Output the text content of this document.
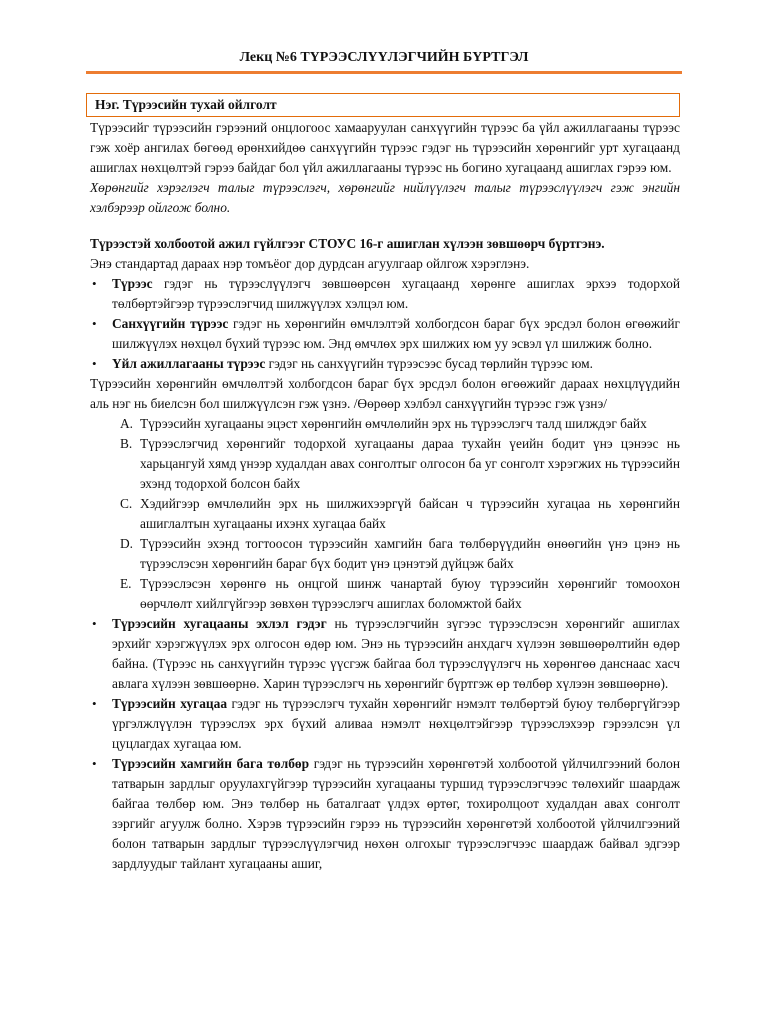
Лекц №6 ТҮРЭЭСЛҮҮЛЭГЧИЙН БҮРТГЭЛ
Нэг. Түрээсийн тухай ойлголт

Түрээсийг түрээсийн гэрээний онцлогоос хамааруулан санхүүгийн түрээс ба үйл ажиллагааны түрээс гэж хоёр ангилах бөгөөд өрөнхийдөө санхүүгийн түрээс гэдэг нь түрээсийн хөрөнгийг урт хугацаанд ашиглах нөхцөлтэй гэрээ байдаг бол үйл ажиллагааны түрээс нь богино хугацаанд ашиглах гэрээ юм.

Хөрөнгийг хэрэглэгч талыг түрээслэгч, хөрөнгийг нийлүүлэгч талыг түрээслүүлэгч гэж энгийн хэлбэрээр ойлгож болно.

Түрээстэй холбоотой ажил гүйлгээг СТОУС 16-г ашиглан хүлээн зөвшөөрч бүртгэнэ.

Энэ стандартад дараах нэр томъёог дор дурдсан агуулгаар ойлгож хэрэглэнэ.

• Түрээс гэдэг нь түрээслүүлэгч зөвшөөрсөн хугацаанд хөрөнге ашиглах эрхээ тодорхой төлбөртэйгээр түрээслэгчид шилжүүлэх хэлцэл юм.
• Санхүүгийн түрээс гэдэг нь хөрөнгийн өмчлэлтэй холбогдсон бараг бүх эрсдэл болон өгөөжийг шилжүүлэх нөхцөл бүхий түрээс юм. Энд өмчлөх эрх шилжих юм уу эсвэл үл шилжиж болно.
• Үйл ажиллагааны түрээс гэдэг нь санхүүгийн түрээсээс бусад төрлийн түрээс юм.

Түрээсийн хөрөнгийн өмчлөлтэй холбогдсон бараг бүх эрсдэл болон өгөөжийг дараах нөхцлүүдийн аль нэг нь биелсэн бол шилжүүлсэн гэж үзнэ. /Өөрөөр хэлбэл санхүүгийн түрээс гэж үзнэ/

A. Түрээсийн хугацааны эцэст хөрөнгийн өмчлөлийн эрх нь түрээслэгч талд шилждэг байх
B. Түрээслэгчид хөрөнгийг тодорхой хугацааны дараа тухайн үеийн бодит үнэ цэнээс нь харьцангуй хямд үнээр худалдан авах сонголтыг олгосон ба уг сонголт хэрэгжих нь түрээсийн эхэнд тодорхой болсон байх
C. Хэдийгээр өмчлөлийн эрх нь шилжихээргүй байсан ч түрээсийн хугацаа нь хөрөнгийн ашиглалтын хугацааны ихэнх хугацаа байх
D. Түрээсийн эхэнд тогтоосон түрээсийн хамгийн бага төлбөрүүдийн өнөөгийн үнэ цэнэ нь түрээслэсэн хөрөнгийн бараг бүх бодит үнэ цэнэтэй дүйцэж байх
E. Түрээслэсэн хөрөнгө нь онцгой шинж чанартай буюу түрээсийн хөрөнгийг томоохон өөрчлөлт хийлгүйгээр зөвхөн түрээслэгч ашиглах боломжтой байх
• Түрээсийн хугацааны эхлэл гэдэг нь түрээслэгчийн зүгээс түрээслэсэн хөрөнгийг ашиглах эрхийг хэрэгжүүлэх эрх олгосон өдөр юм. Энэ нь түрээсийн анхдагч хүлээн зөвшөөрөлтийн өдөр байна. (Түрээс нь санхүүгийн түрээс үүсгэж байгаа бол түрээслүүлэгч нь хөрөнгөө данснаас хасч авлага хүлээн зөвшөөрнө. Харин түрээслэгч нь хөрөнгийг бүртгэж өр төлбөр хүлээн зөвшөөрнө).
• Түрээсийн хугацаа гэдэг нь түрээслэгч тухайн хөрөнгийг нэмэлт төлбөртэй буюу төлбөргүйгээр үргэлжлүүлэн түрээслэх эрх бүхий аливаа нэмэлт нөхцөлтэйгээр түрээслэхээр гэрээлсэн үл цуцлагдах хугацаа юм.
• Түрээсийн хамгийн бага төлбөр гэдэг нь түрээсийн хөрөнгөтэй холбоотой үйлчилгээний болон татварын зардлыг оруулахгүйгээр түрээсийн хугацааны туршид түрээслэгчээс төлөхийг шаардаж байгаа төлбөр юм. Энэ төлбөр нь баталгаат үлдэх өртөг, тохиролцоот худалдан авах сонголт зэргийг агуулж болно. Хэрэв түрээсийн гэрээ нь түрээсийн хөрөнгөтэй холбоотой үйлчилгээний болон татварын зардлыг түрээслүүлэгчид нөхөн олгохыг түрээслэгчээс шаардаж байвал эдгээр зардлуудыг тайлант хугацааны ашиг,
